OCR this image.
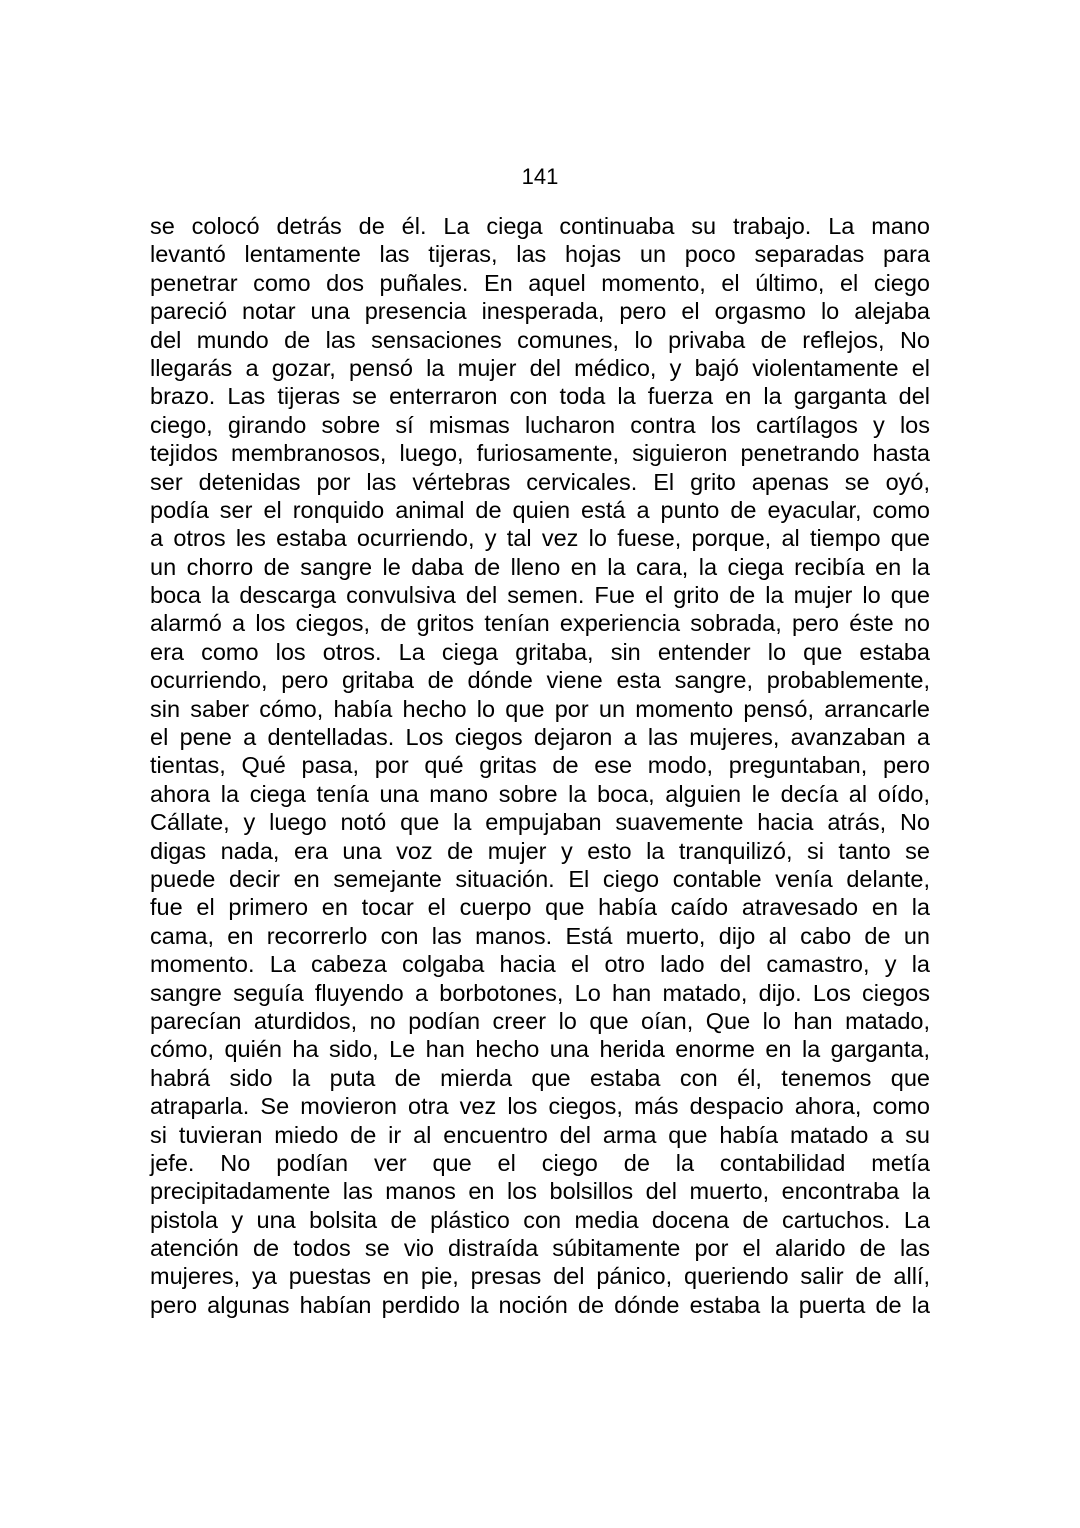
141
se colocó detrás de él. La ciega continuaba su trabajo. La mano
levantó lentamente las tijeras, las hojas un poco separadas para
penetrar como dos puñales. En aquel momento, el último, el ciego
pareció notar una presencia inesperada, pero el orgasmo lo alejaba
del mundo de las sensaciones comunes, lo privaba de reflejos, No
llegarás a gozar, pensó la mujer del médico, y bajó violentamente el
brazo. Las tijeras se enterraron con toda la fuerza en la garganta del
ciego, girando sobre sí mismas lucharon contra los cartílagos y los
tejidos membranosos, luego, furiosamente, siguieron penetrando hasta
ser detenidas por las vértebras cervicales. El grito apenas se oyó,
podía ser el ronquido animal de quien está a punto de eyacular, como
a otros les estaba ocurriendo, y tal vez lo fuese, porque, al tiempo que
un chorro de sangre le daba de lleno en la cara, la ciega recibía en la
boca la descarga convulsiva del semen. Fue el grito de la mujer lo que
alarmó a los ciegos, de gritos tenían experiencia sobrada, pero éste no
era como los otros. La ciega gritaba, sin entender lo que estaba
ocurriendo, pero gritaba de dónde viene esta sangre, probablemente,
sin saber cómo, había hecho lo que por un momento pensó, arrancarle
el pene a dentelladas. Los ciegos dejaron a las mujeres, avanzaban a
tientas, Qué pasa, por qué gritas de ese modo, preguntaban, pero
ahora la ciega tenía una mano sobre la boca, alguien le decía al oído,
Cállate, y luego notó que la empujaban suavemente hacia atrás, No
digas nada, era una voz de mujer y esto la tranquilizó, si tanto se
puede decir en semejante situación. El ciego contable venía delante,
fue el primero en tocar el cuerpo que había caído atravesado en la
cama, en recorrerlo con las manos. Está muerto, dijo al cabo de un
momento. La cabeza colgaba hacia el otro lado del camastro, y la
sangre seguía fluyendo a borbotones, Lo han matado, dijo. Los ciegos
parecían aturdidos, no podían creer lo que oían, Que lo han matado,
cómo, quién ha sido, Le han hecho una herida enorme en la garganta,
habrá sido la puta de mierda que estaba con él, tenemos que
atraparla. Se movieron otra vez los ciegos, más despacio ahora, como
si tuvieran miedo de ir al encuentro del arma que había matado a su
jefe. No podían ver que el ciego de la contabilidad metía
precipitadamente las manos en los bolsillos del muerto, encontraba la
pistola y una bolsita de plástico con media docena de cartuchos. La
atención de todos se vio distraída súbitamente por el alarido de las
mujeres, ya puestas en pie, presas del pánico, queriendo salir de allí,
pero algunas habían perdido la noción de dónde estaba la puerta de la
